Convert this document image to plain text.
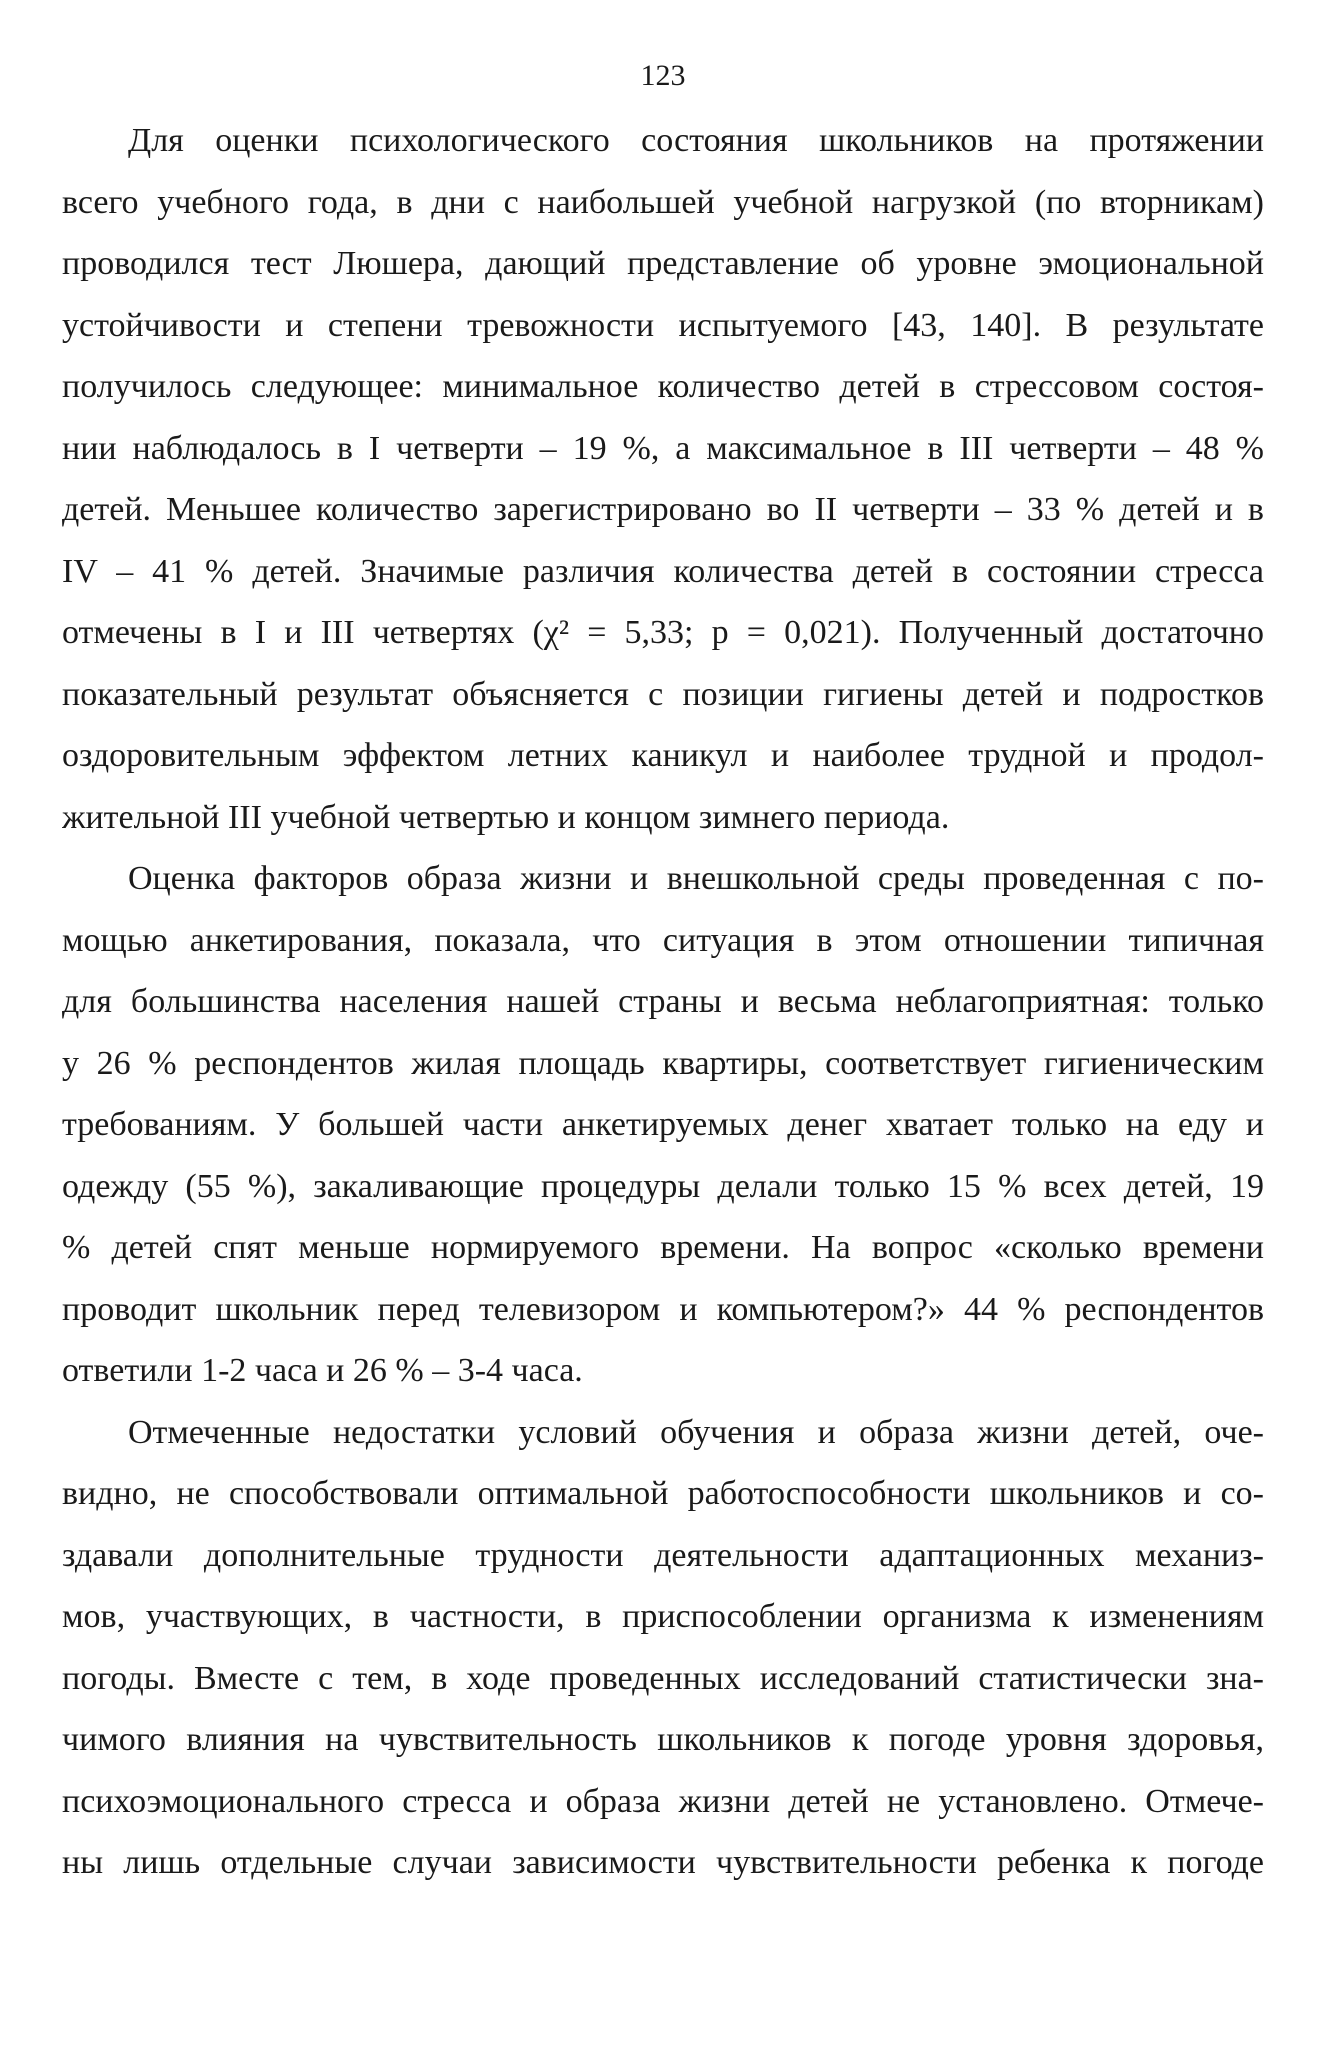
123
Для оценки психологического состояния школьников на протяжении
всего учебного года, в дни с наибольшей учебной нагрузкой (по вторникам)
проводился тест Люшера, дающий представление об уровне эмоциональной
устойчивости и степени тревожности испытуемого [43, 140]. В результате
получилось следующее: минимальное количество детей в стрессовом состоя-
нии наблюдалось в I четверти – 19 %, а максимальное в III четверти – 48 %
детей. Меньшее количество зарегистрировано во II четверти – 33 % детей и в
IV – 41 % детей. Значимые различия количества детей в состоянии стресса
отмечены в I и III четвертях (χ² = 5,33; p = 0,021). Полученный достаточно
показательный результат объясняется с позиции гигиены детей и подростков
оздоровительным эффектом летних каникул и наиболее трудной и продол-
жительной III учебной четвертью и концом зимнего периода.
Оценка факторов образа жизни и внешкольной среды проведенная с по-
мощью анкетирования, показала, что ситуация в этом отношении типичная
для большинства населения нашей страны и весьма неблагоприятная: только
у 26 % респондентов жилая площадь квартиры, соответствует гигиеническим
требованиям. У большей части анкетируемых денег хватает только на еду и
одежду (55 %), закаливающие процедуры делали только 15 % всех детей, 19
% детей спят меньше нормируемого времени. На вопрос «сколько времени
проводит школьник перед телевизором и компьютером?» 44 % респондентов
ответили 1-2 часа и 26 % – 3-4 часа.
Отмеченные недостатки условий обучения и образа жизни детей, оче-
видно, не способствовали оптимальной работоспособности школьников и со-
здавали дополнительные трудности деятельности адаптационных механиз-
мов, участвующих, в частности, в приспособлении организма к изменениям
погоды. Вместе с тем, в ходе проведенных исследований статистически зна-
чимого влияния на чувствительность школьников к погоде уровня здоровья,
психоэмоционального стресса и образа жизни детей не установлено. Отмече-
ны лишь отдельные случаи зависимости чувствительности ребенка к погоде
